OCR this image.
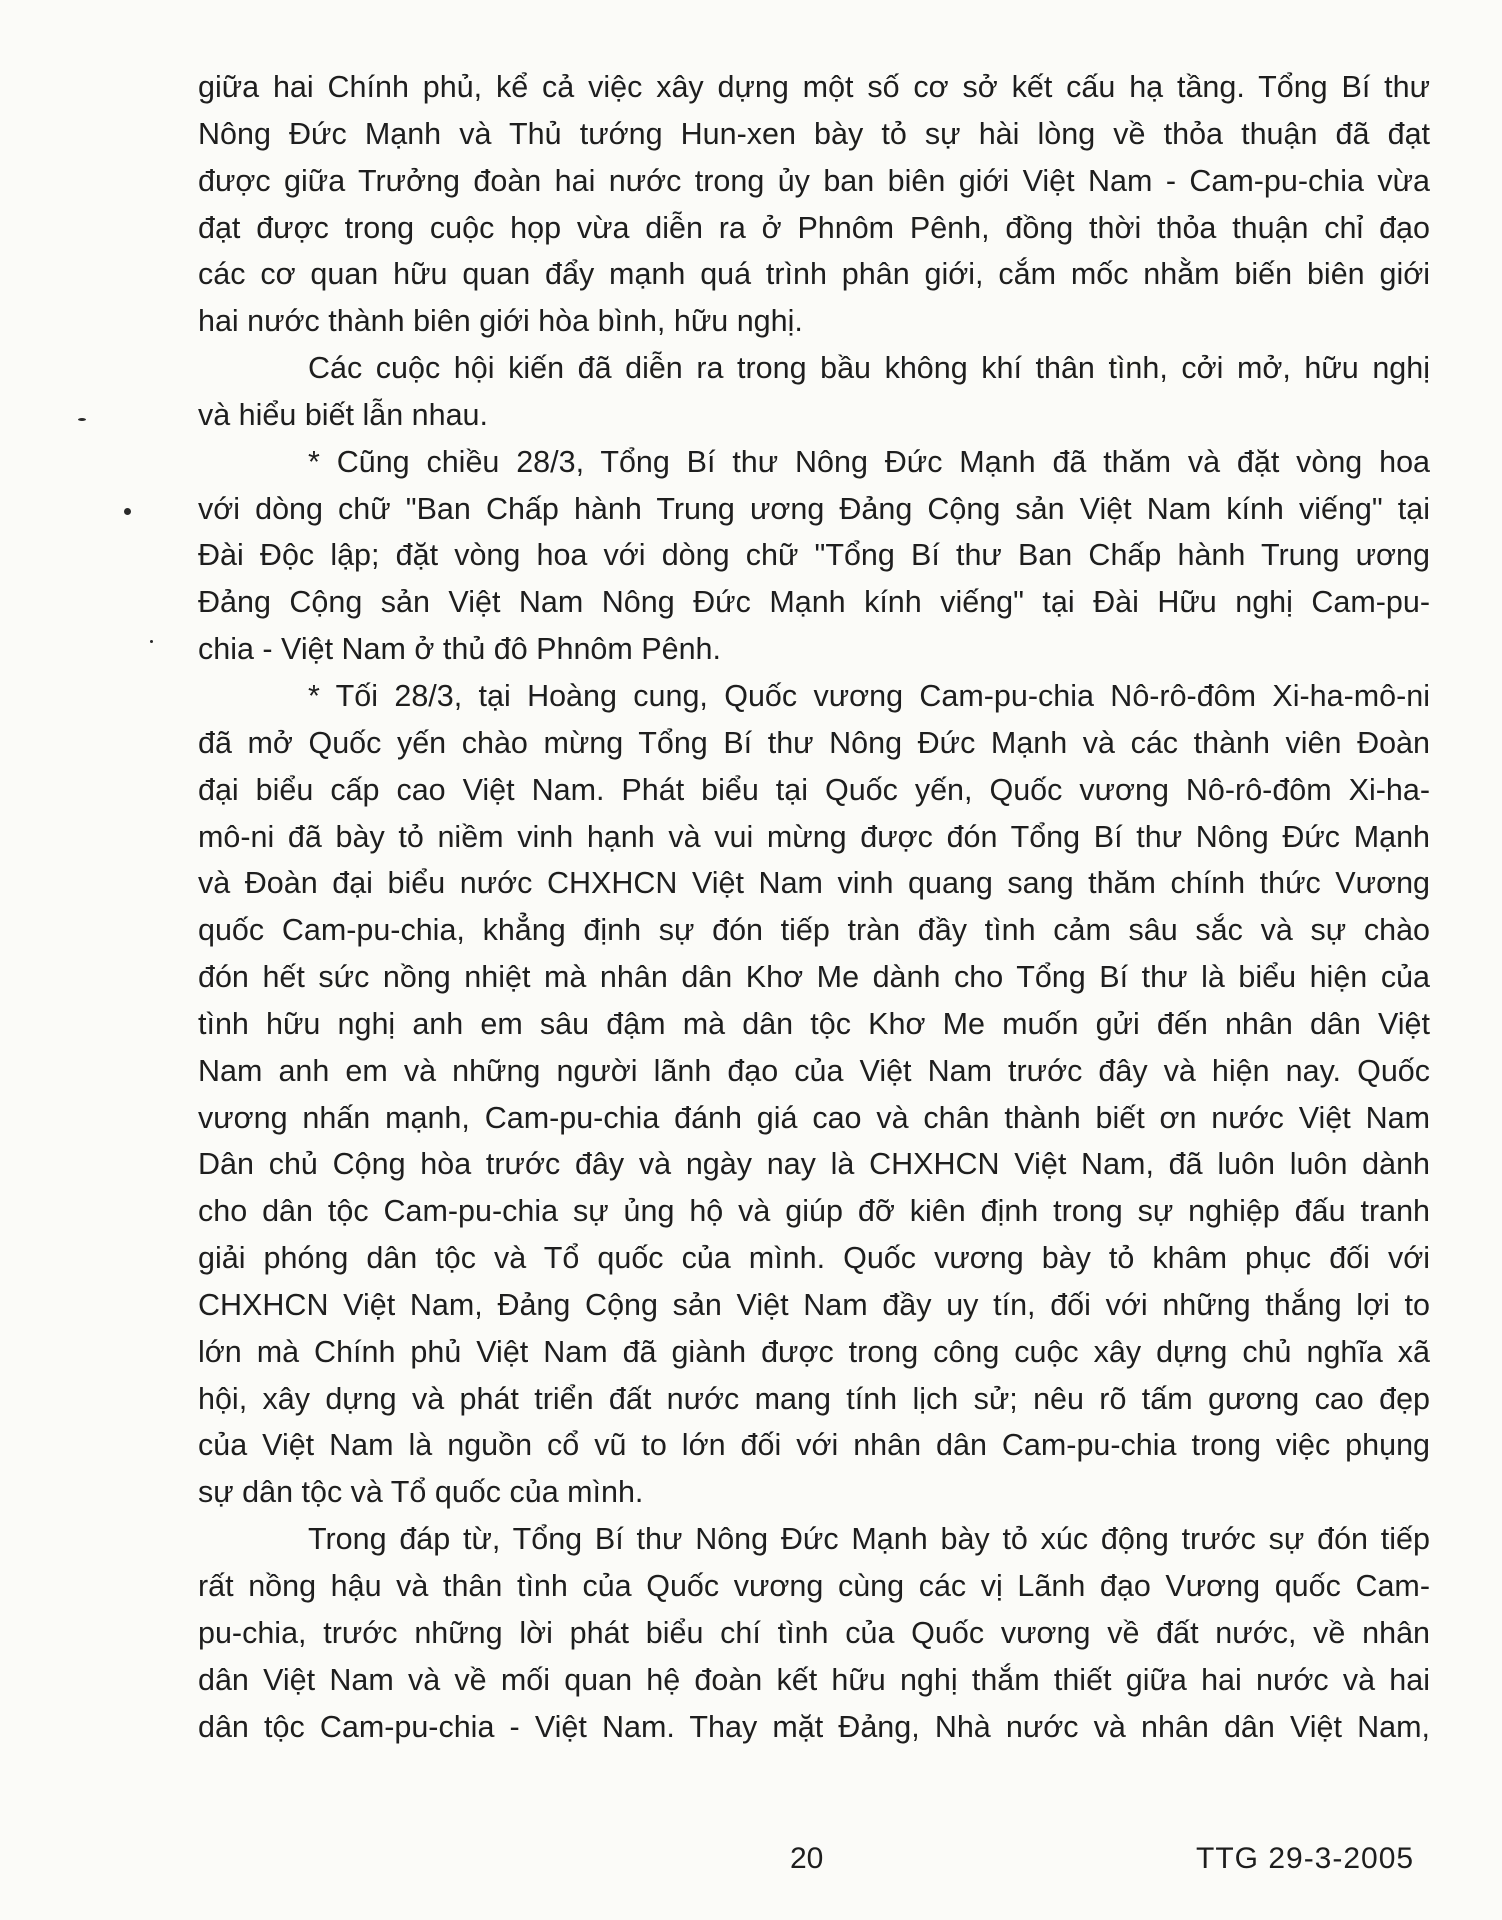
giữa hai Chính phủ, kể cả việc xây dựng một số cơ sở kết cấu hạ tầng. Tổng Bí thư
Nông Đức Mạnh và Thủ tướng Hun-xen bày tỏ sự hài lòng về thỏa thuận đã đạt
được giữa Trưởng đoàn hai nước trong ủy ban biên giới Việt Nam - Cam-pu-chia vừa
đạt được trong cuộc họp vừa diễn ra ở Phnôm Pênh, đồng thời thỏa thuận chỉ đạo
các cơ quan hữu quan đẩy mạnh quá trình phân giới, cắm mốc nhằm biến biên giới
hai nước thành biên giới hòa bình, hữu nghị.
Các cuộc hội kiến đã diễn ra trong bầu không khí thân tình, cởi mở, hữu nghị
và hiểu biết lẫn nhau.
* Cũng chiều 28/3, Tổng Bí thư Nông Đức Mạnh đã thăm và đặt vòng hoa
với dòng chữ "Ban Chấp hành Trung ương Đảng Cộng sản Việt Nam kính viếng" tại
Đài Độc lập; đặt vòng hoa với dòng chữ "Tổng Bí thư Ban Chấp hành Trung ương
Đảng Cộng sản Việt Nam Nông Đức Mạnh kính viếng" tại Đài Hữu nghị Cam-pu-
chia - Việt Nam ở thủ đô Phnôm Pênh.
* Tối 28/3, tại Hoàng cung, Quốc vương Cam-pu-chia Nô-rô-đôm Xi-ha-mô-ni
đã mở Quốc yến chào mừng Tổng Bí thư Nông Đức Mạnh và các thành viên Đoàn
đại biểu cấp cao Việt Nam. Phát biểu tại Quốc yến, Quốc vương Nô-rô-đôm Xi-ha-
mô-ni đã bày tỏ niềm vinh hạnh và vui mừng được đón Tổng Bí thư Nông Đức Mạnh
và Đoàn đại biểu nước CHXHCN Việt Nam vinh quang sang thăm chính thức Vương
quốc Cam-pu-chia, khẳng định sự đón tiếp tràn đầy tình cảm sâu sắc và sự chào
đón hết sức nồng nhiệt mà nhân dân Khơ Me dành cho Tổng Bí thư là biểu hiện của
tình hữu nghị anh em sâu đậm mà dân tộc Khơ Me muốn gửi đến nhân dân Việt
Nam anh em và những người lãnh đạo của Việt Nam trước đây và hiện nay. Quốc
vương nhấn mạnh, Cam-pu-chia đánh giá cao và chân thành biết ơn nước Việt Nam
Dân chủ Cộng hòa trước đây và ngày nay là CHXHCN Việt Nam, đã luôn luôn dành
cho dân tộc Cam-pu-chia sự ủng hộ và giúp đỡ kiên định trong sự nghiệp đấu tranh
giải phóng dân tộc và Tổ quốc của mình. Quốc vương bày tỏ khâm phục đối với
CHXHCN Việt Nam, Đảng Cộng sản Việt Nam đầy uy tín, đối với những thắng lợi to
lớn mà Chính phủ Việt Nam đã giành được trong công cuộc xây dựng chủ nghĩa xã
hội, xây dựng và phát triển đất nước mang tính lịch sử; nêu rõ tấm gương cao đẹp
của Việt Nam là nguồn cổ vũ to lớn đối với nhân dân Cam-pu-chia trong việc phụng
sự dân tộc và Tổ quốc của mình.
Trong đáp từ, Tổng Bí thư Nông Đức Mạnh bày tỏ xúc động trước sự đón tiếp
rất nồng hậu và thân tình của Quốc vương cùng các vị Lãnh đạo Vương quốc Cam-
pu-chia, trước những lời phát biểu chí tình của Quốc vương về đất nước, về nhân
dân Việt Nam và về mối quan hệ đoàn kết hữu nghị thắm thiết giữa hai nước và hai
dân tộc Cam-pu-chia - Việt Nam. Thay mặt Đảng, Nhà nước và nhân dân Việt Nam,
20	TTG 29-3-2005
